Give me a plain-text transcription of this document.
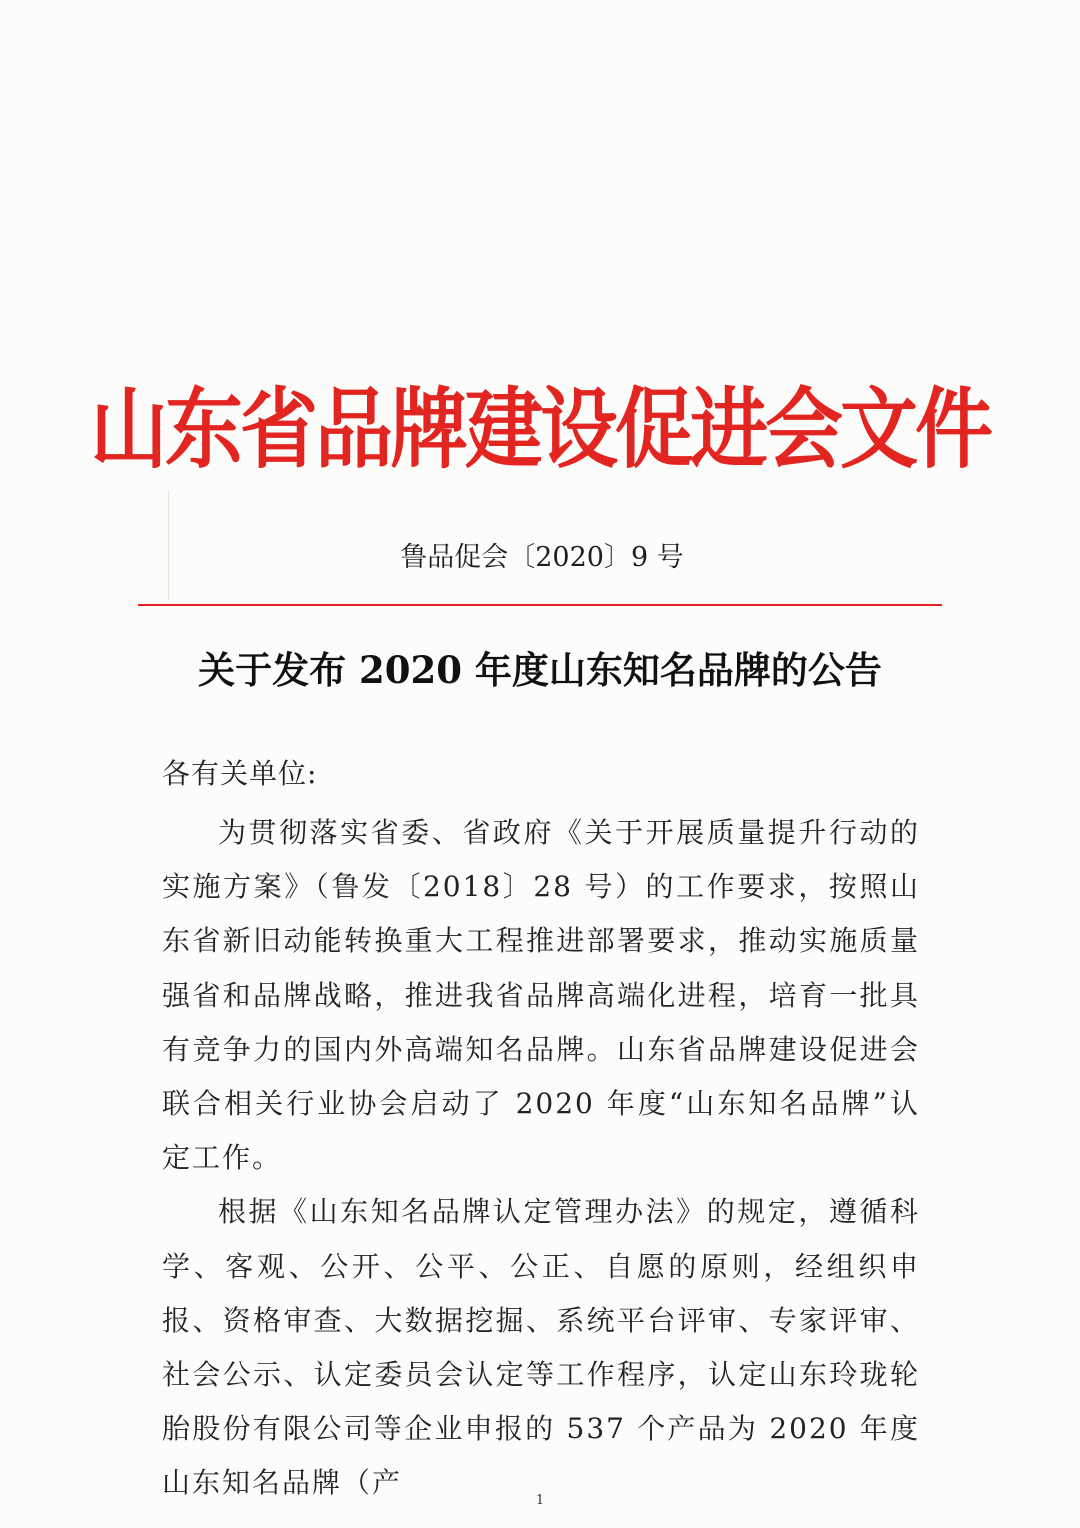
山东省品牌建设促进会文件
鲁品促会〔2020〕9 号
关于发布 2020 年度山东知名品牌的公告
各有关单位:

为贯彻落实省委、省政府《关于开展质量提升行动的实施方案》（鲁发〔2018〕28 号）的工作要求，按照山东省新旧动能转换重大工程推进部署要求，推动实施质量强省和品牌战略，推进我省品牌高端化进程，培育一批具有竞争力的国内外高端知名品牌。山东省品牌建设促进会联合相关行业协会启动了 2020 年度“山东知名品牌”认定工作。

根据《山东知名品牌认定管理办法》的规定，遵循科学、客观、公开、公平、公正、自愿的原则，经组织申报、资格审查、大数据挖掘、系统平台评审、专家评审、社会公示、认定委员会认定等工作程序，认定山东玲珑轮胎股份有限公司等企业申报的 537 个产品为 2020 年度山东知名品牌（产

1
